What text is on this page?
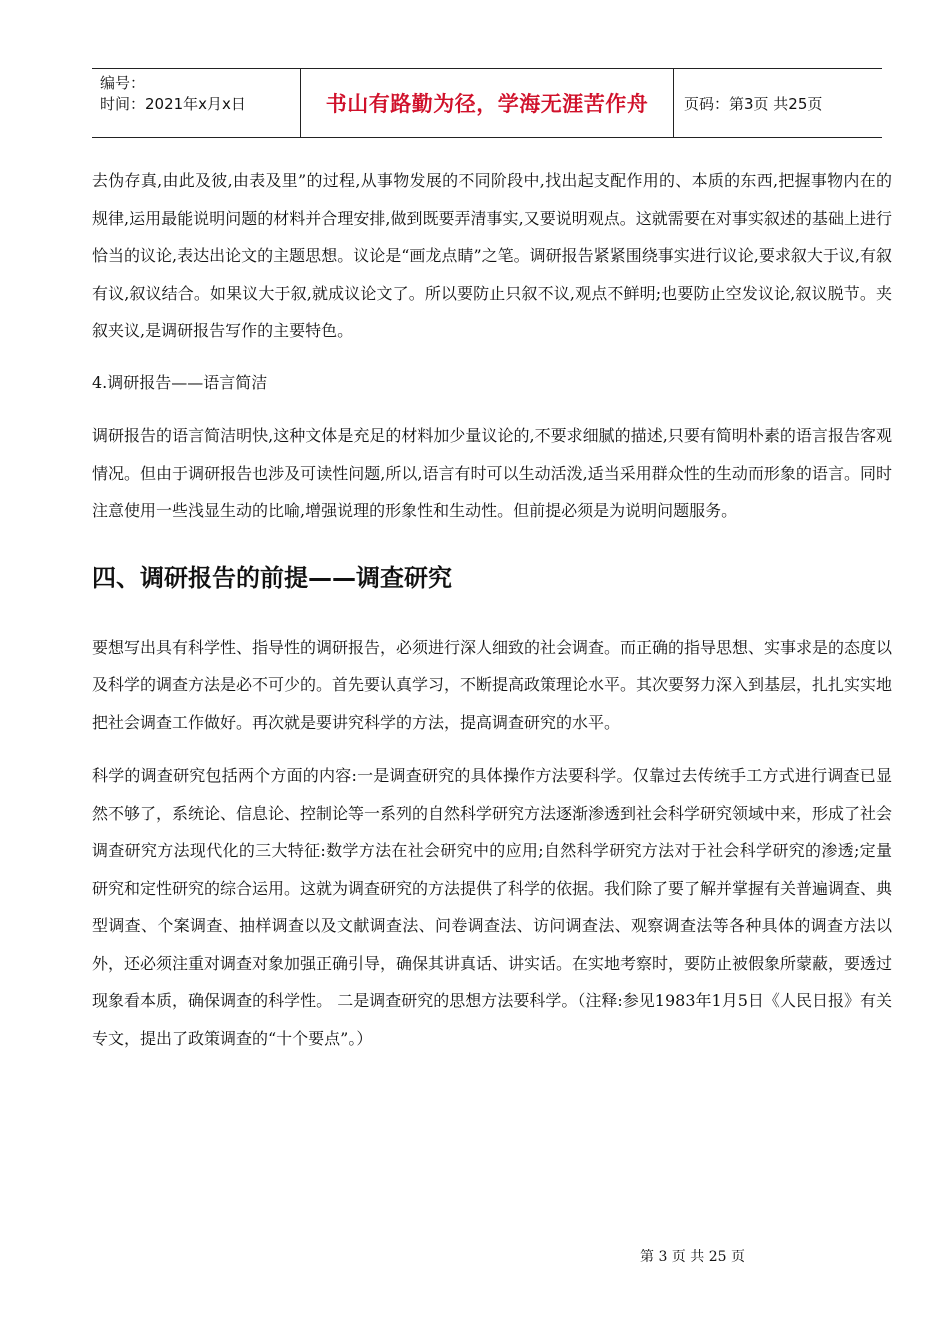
编号：
时间：2021年x月x日	书山有路勤为径，学海无涯苦作舟	页码：第3页 共25页

去伪存真,由此及彼,由表及里”的过程,从事物发展的不同阶段中,找出起支配作用的、本质的东西,把握事物内在的规律,运用最能说明问题的材料并合理安排,做到既要弄清事实,又要说明观点。这就需要在对事实叙述的基础上进行恰当的议论,表达出论文的主题思想。议论是“画龙点睛”之笔。调研报告紧紧围绕事实进行议论,要求叙大于议,有叙有议,叙议结合。如果议大于叙,就成议论文了。所以要防止只叙不议,观点不鲜明;也要防止空发议论,叙议脱节。夹叙夹议,是调研报告写作的主要特色。

4.调研报告——语言简洁

调研报告的语言简洁明快,这种文体是充足的材料加少量议论的,不要求细腻的描述,只要有简明朴素的语言报告客观情况。但由于调研报告也涉及可读性问题,所以,语言有时可以生动活泼,适当采用群众性的生动而形象的语言。同时注意使用一些浅显生动的比喻,增强说理的形象性和生动性。但前提必须是为说明问题服务。

四、调研报告的前提——调查研究

要想写出具有科学性、指导性的调研报告，必须进行深人细致的社会调查。而正确的指导思想、实事求是的态度以及科学的调查方法是必不可少的。首先要认真学习，不断提高政策理论水平。其次要努力深入到基层，扎扎实实地把社会调查工作做好。再次就是要讲究科学的方法，提高调查研究的水平。

科学的调查研究包括两个方面的内容:一是调查研究的具体操作方法要科学。仅靠过去传统手工方式进行调查已显然不够了，系统论、信息论、控制论等一系列的自然科学研究方法逐渐渗透到社会科学研究领域中来，形成了社会调查研究方法现代化的三大特征:数学方法在社会研究中的应用;自然科学研究方法对于社会科学研究的渗透;定量研究和定性研究的综合运用。这就为调查研究的方法提供了科学的依据。我们除了要了解并掌握有关普遍调查、典型调查、个案调查、抽样调查以及文献调查法、问卷调查法、访问调查法、观察调查法等各种具体的调查方法以外，还必须注重对调查对象加强正确引导，确保其讲真话、讲实话。在实地考察时，要防止被假象所蒙蔽，要透过现象看本质，确保调查的科学性。 二是调查研究的思想方法要科学。（注释:参见1983年1月5日《人民日报》有关专文，提出了政策调查的“十个要点”。）

第 3 页 共 25 页
